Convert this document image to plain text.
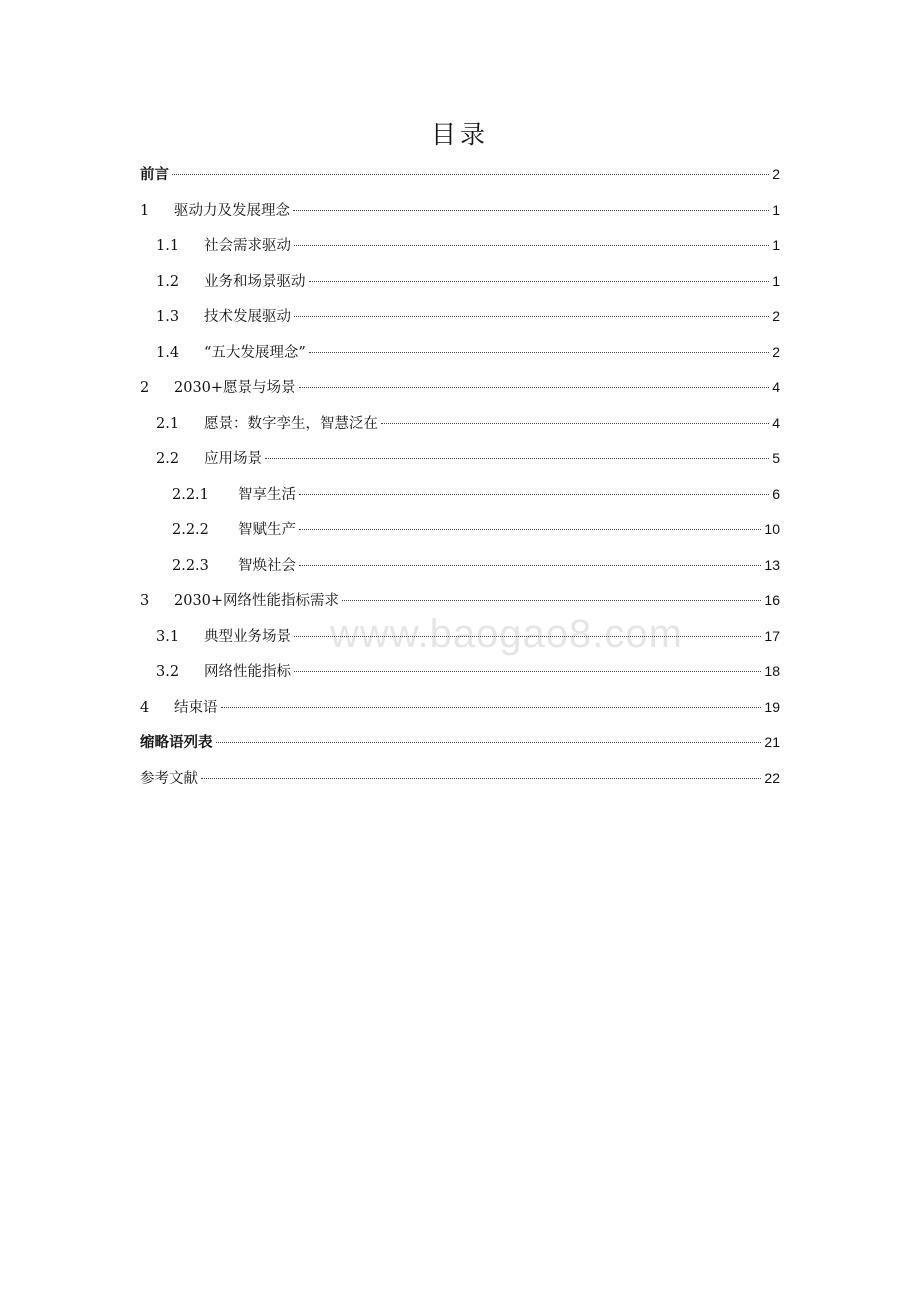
目录
前言	2
1	驱动力及发展理念	1
1.1	社会需求驱动	1
1.2	业务和场景驱动	1
1.3	技术发展驱动	2
1.4	“五大发展理念”	2
2	2030+愿景与场景	4
2.1	愿景：数字孪生，智慧泛在	4
2.2	应用场景	5
2.2.1	智享生活	6
2.2.2	智赋生产	10
2.2.3	智焕社会	13
3	2030+网络性能指标需求	16
3.1	典型业务场景	17
3.2	网络性能指标	18
4	结束语	19
缩略语列表	21
参考文献	22
www.baogao8.com
